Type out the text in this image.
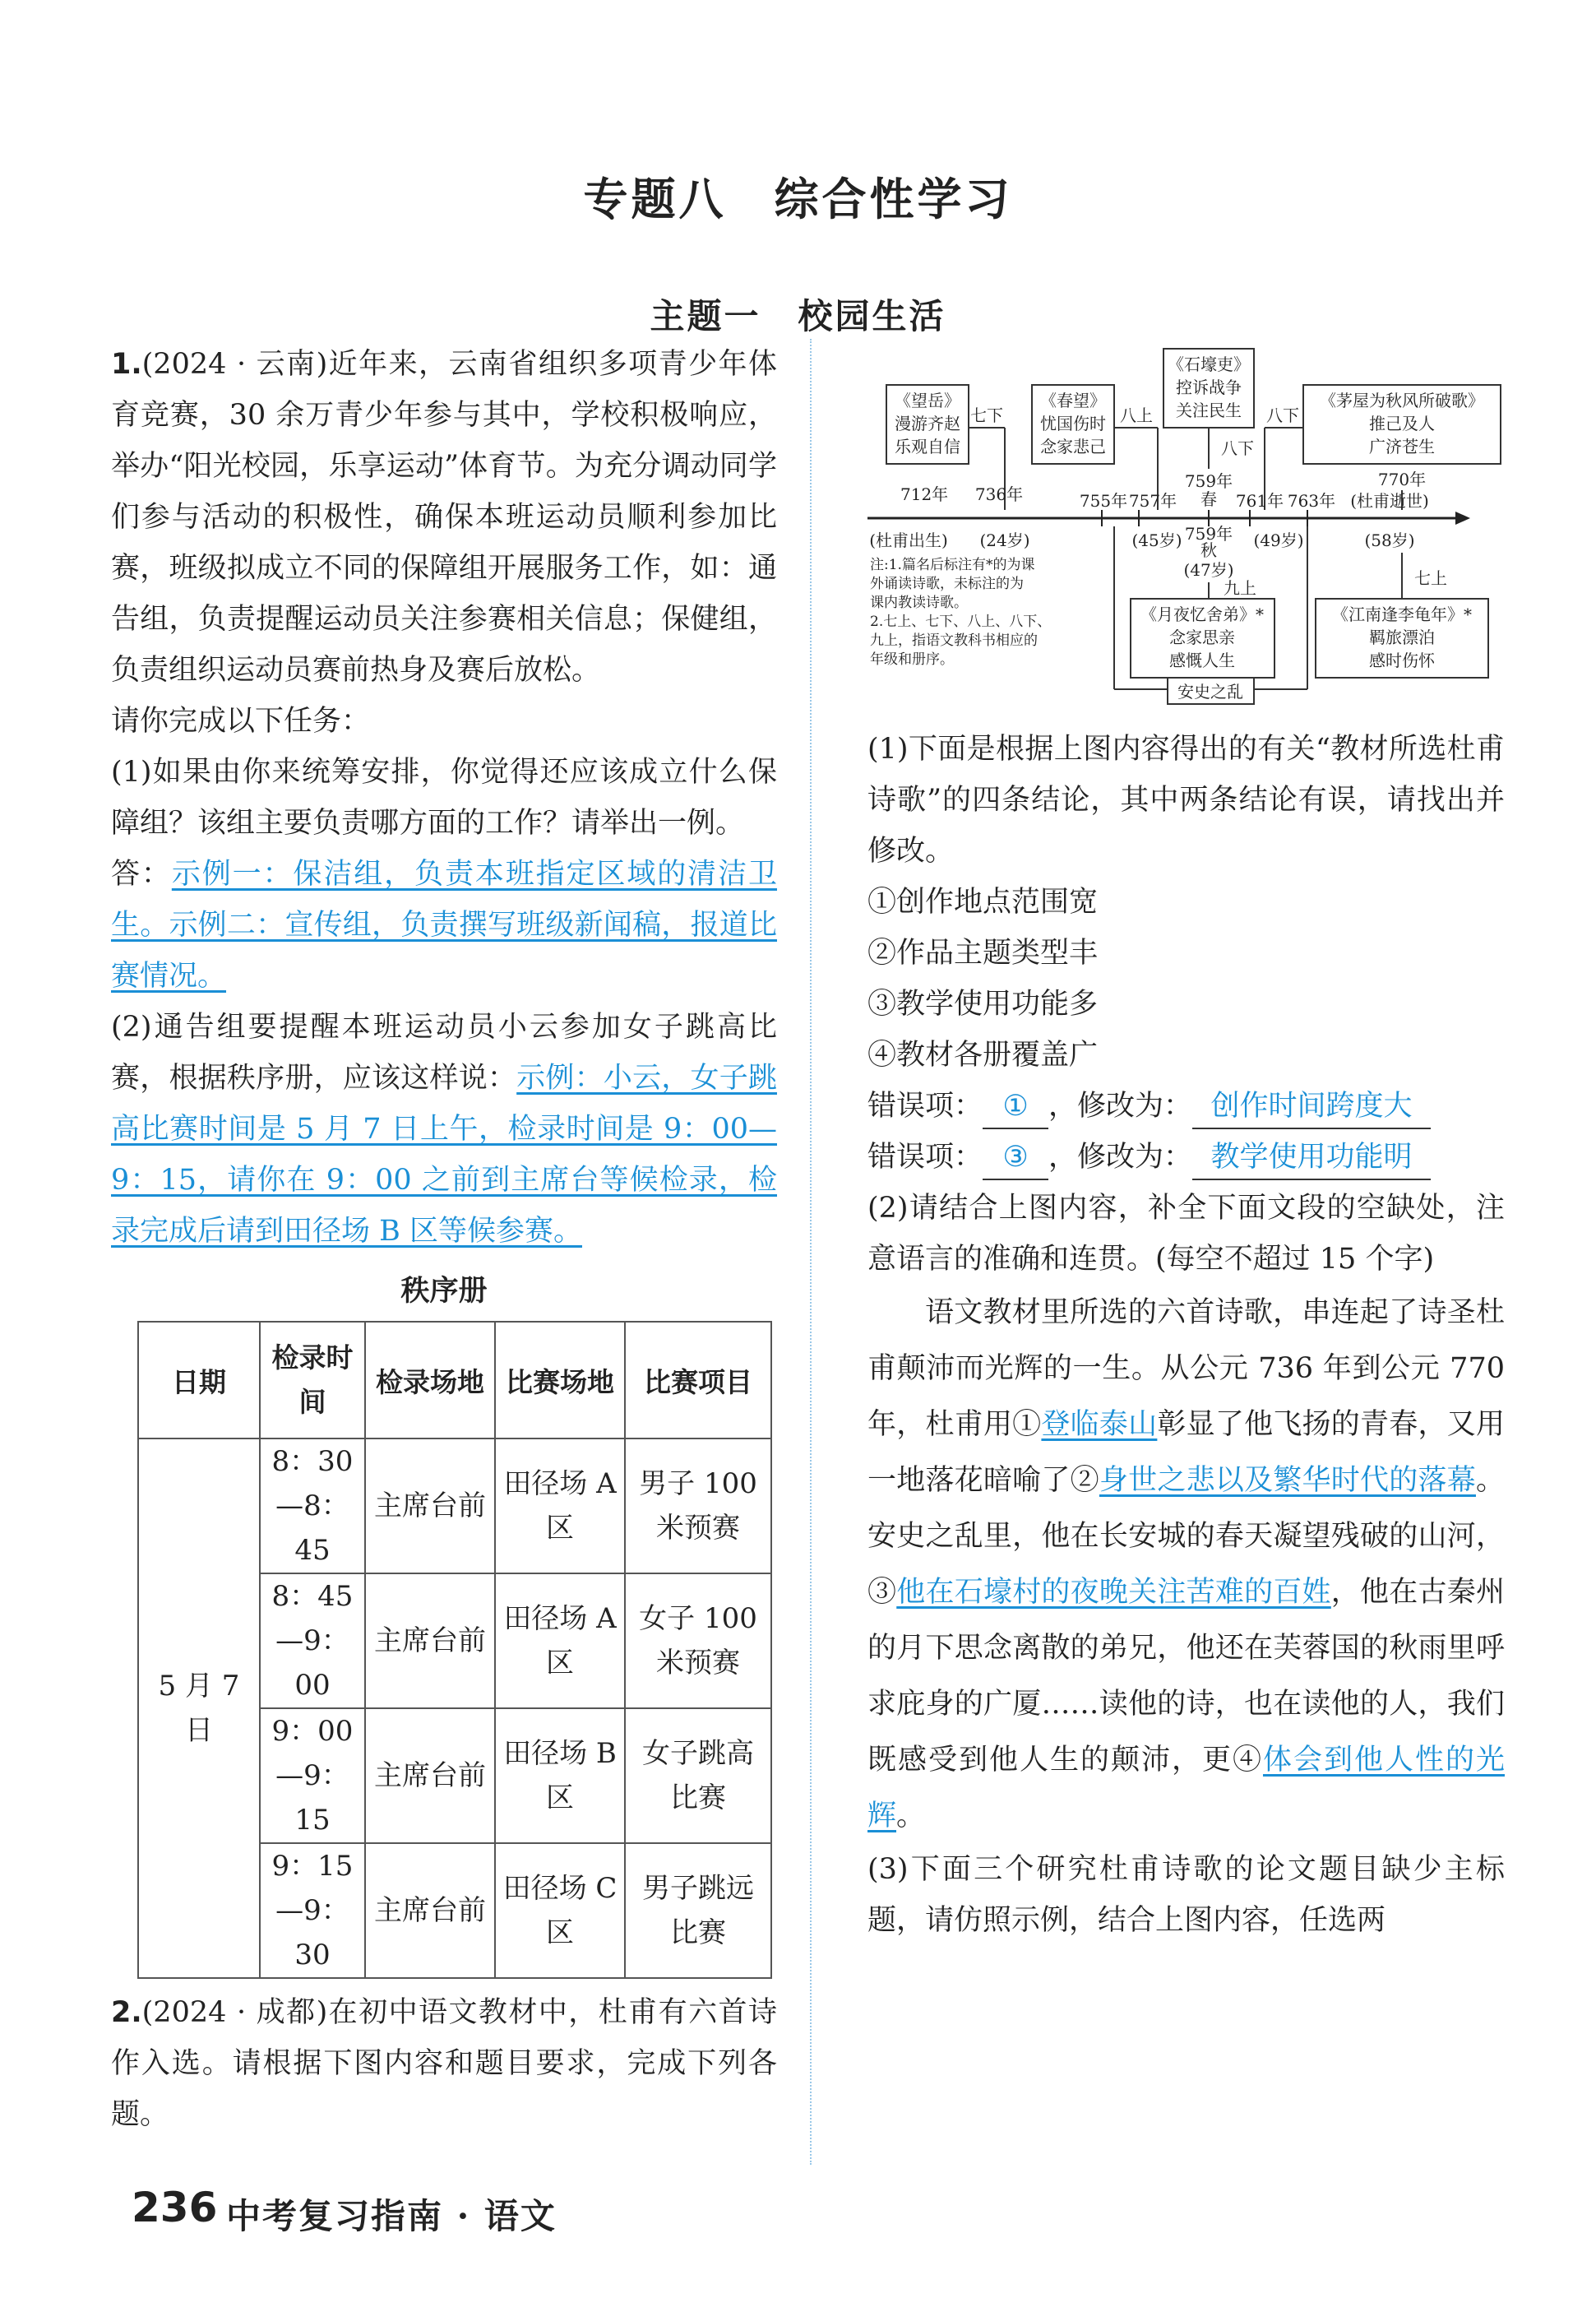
专题八　综合性学习
主题一　校园生活

1.(2024 · 云南)近年来，云南省组织多项青少年体育竞赛，30 余万青少年参与其中，学校积极响应，举办“阳光校园，乐享运动”体育节。为充分调动同学们参与活动的积极性，确保本班运动员顺利参加比赛，班级拟成立不同的保障组开展服务工作，如：通告组，负责提醒运动员关注参赛相关信息；保健组，负责组织运动员赛前热身及赛后放松。

请你完成以下任务：

(1)如果由你来统筹安排，你觉得还应该成立什么保障组？该组主要负责哪方面的工作？请举出一例。

答：示例一：保洁组，负责本班指定区域的清洁卫生。示例二：宣传组，负责撰写班级新闻稿，报道比赛情况。

(2)通告组要提醒本班运动员小云参加女子跳高比赛，根据秩序册，应该这样说：示例：小云，女子跳高比赛时间是 5 月 7 日上午，检录时间是 9：00—9：15，请你在 9：00 之前到主席台等候检录，检录完成后请到田径场 B 区等候参赛。

秩序册
日期	检录时间	检录场地	比赛场地	比赛项目
5 月 7 日	8：30—8：45	主席台前	田径场 A 区	男子 100 米预赛
	8：45—9：00	主席台前	田径场 A 区	女子 100 米预赛
	9：00—9：15	主席台前	田径场 B 区	女子跳高比赛
	9：15—9：30	主席台前	田径场 C 区	男子跳远比赛

2.(2024 · 成都)在初中语文教材中，杜甫有六首诗作入选。请根据下图内容和题目要求，完成下列各题。

《望岳》
漫游齐赵
乐观自信
七下
《春望》
忧国伤时
念家悲己
八上
《石壕吏》
控诉战争
关注民生
八下
759年
春
《茅屋为秋风所破歌》
推己及人
广济苍生
八下
712年 736年	755年 757年	761年 763年
770年
(杜甫逝世)
(杜甫出生) (24岁)	(45岁) 759年
秋
(47岁)
(49岁)	(58岁)
注:1.篇名后标注有*的为课
外诵读诗歌，未标注的为
课内教读诗歌。
2.七上、七下、八上、八下、
九上，指语文教科书相应的
年级和册序。
九上
《月夜忆舍弟》*
念家思亲
感慨人生
七上
《江南逢李龟年》*
羁旅漂泊
感时伤怀
安史之乱

(1)下面是根据上图内容得出的有关“教材所选杜甫诗歌”的四条结论，其中两条结论有误，请找出并修改。

①创作地点范围宽

②作品主题类型丰

③教学使用功能多

④教材各册覆盖广

错误项： ① ，修改为： 创作时间跨度大

错误项： ③ ，修改为： 教学使用功能明

(2)请结合上图内容，补全下面文段的空缺处，注意语言的准确和连贯。(每空不超过 15 个字)

语文教材里所选的六首诗歌，串连起了诗圣杜甫颠沛而光辉的一生。从公元 736 年到公元 770 年，杜甫用①登临泰山彰显了他飞扬的青春，又用一地落花暗喻了②身世之悲以及繁华时代的落幕。安史之乱里，他在长安城的春天凝望残破的山河，③他在石壕村的夜晚关注苦难的百姓，他在古秦州的月下思念离散的弟兄，他还在芙蓉国的秋雨里呼求庇身的广厦……读他的诗，也在读他的人，我们既感受到他人生的颠沛，更④体会到他人性的光辉。

(3)下面三个研究杜甫诗歌的论文题目缺少主标题，请仿照示例，结合上图内容，任选两

236 中考复习指南 · 语文
